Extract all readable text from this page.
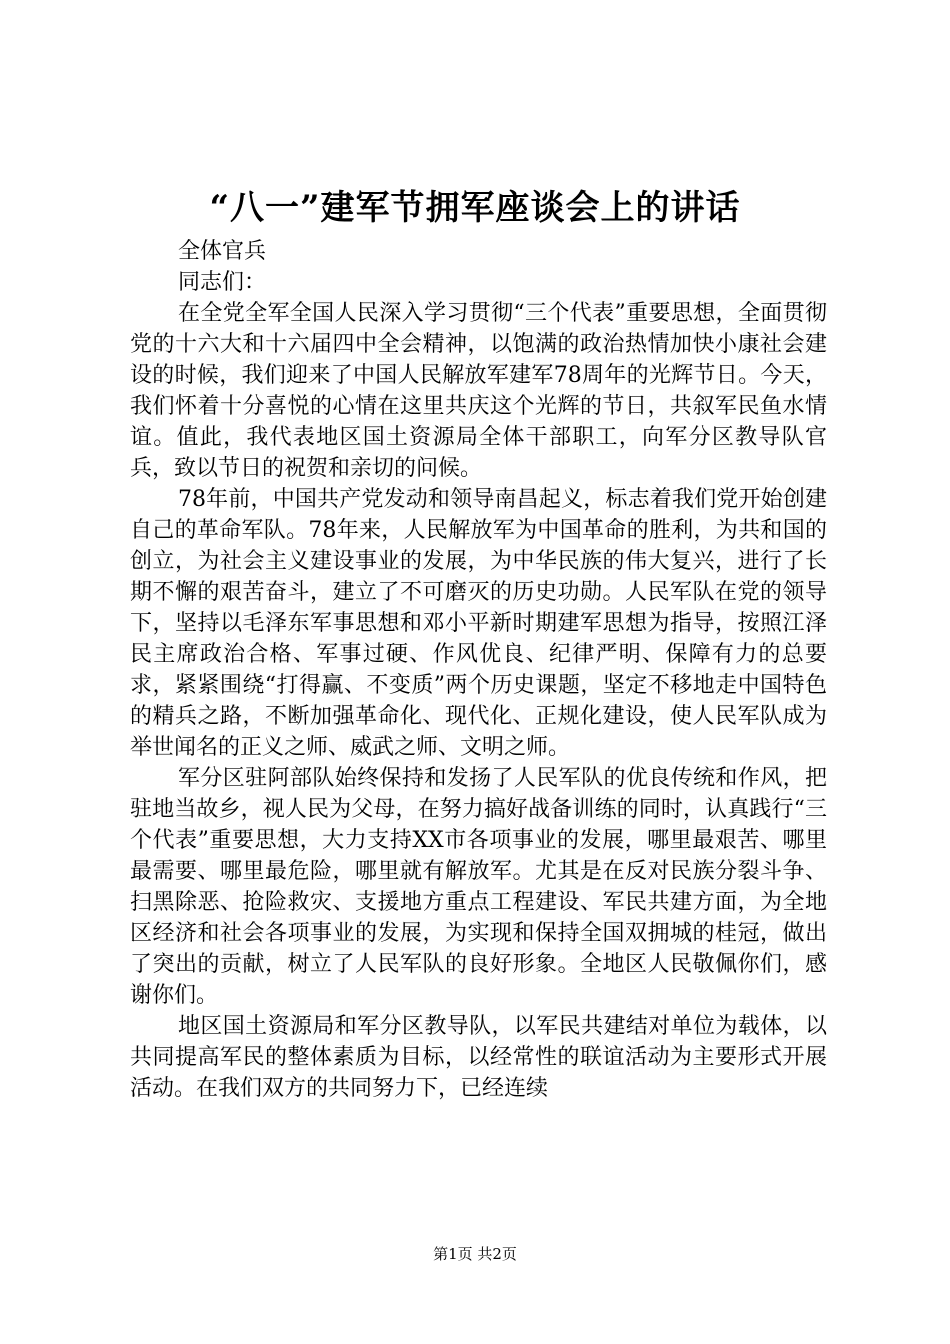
“八一”建军节拥军座谈会上的讲话

全体官兵

同志们：

在全党全军全国人民深入学习贯彻“三个代表”重要思想，全面贯彻党的十六大和十六届四中全会精神，以饱满的政治热情加快小康社会建设的时候，我们迎来了中国人民解放军建军78周年的光辉节日。今天，我们怀着十分喜悦的心情在这里共庆这个光辉的节日，共叙军民鱼水情谊。值此，我代表地区国土资源局全体干部职工，向军分区教导队官兵，致以节日的祝贺和亲切的问候。

78年前，中国共产党发动和领导南昌起义，标志着我们党开始创建自己的革命军队。78年来，人民解放军为中国革命的胜利，为共和国的创立，为社会主义建设事业的发展，为中华民族的伟大复兴，进行了长期不懈的艰苦奋斗，建立了不可磨灭的历史功勋。人民军队在党的领导下，坚持以毛泽东军事思想和邓小平新时期建军思想为指导，按照江泽民主席政治合格、军事过硬、作风优良、纪律严明、保障有力的总要求，紧紧围绕“打得赢、不变质”两个历史课题，坚定不移地走中国特色的精兵之路，不断加强革命化、现代化、正规化建设，使人民军队成为举世闻名的正义之师、威武之师、文明之师。

军分区驻阿部队始终保持和发扬了人民军队的优良传统和作风，把驻地当故乡，视人民为父母，在努力搞好战备训练的同时，认真践行“三个代表”重要思想，大力支持XX市各项事业的发展，哪里最艰苦、哪里最需要、哪里最危险，哪里就有解放军。尤其是在反对民族分裂斗争、扫黑除恶、抢险救灾、支援地方重点工程建设、军民共建方面，为全地区经济和社会各项事业的发展，为实现和保持全国双拥城的桂冠，做出了突出的贡献，树立了人民军队的良好形象。全地区人民敬佩你们，感谢你们。

地区国土资源局和军分区教导队，以军民共建结对单位为载体，以共同提高军民的整体素质为目标，以经常性的联谊活动为主要形式开展活动。在我们双方的共同努力下，已经连续

第1页 共2页
